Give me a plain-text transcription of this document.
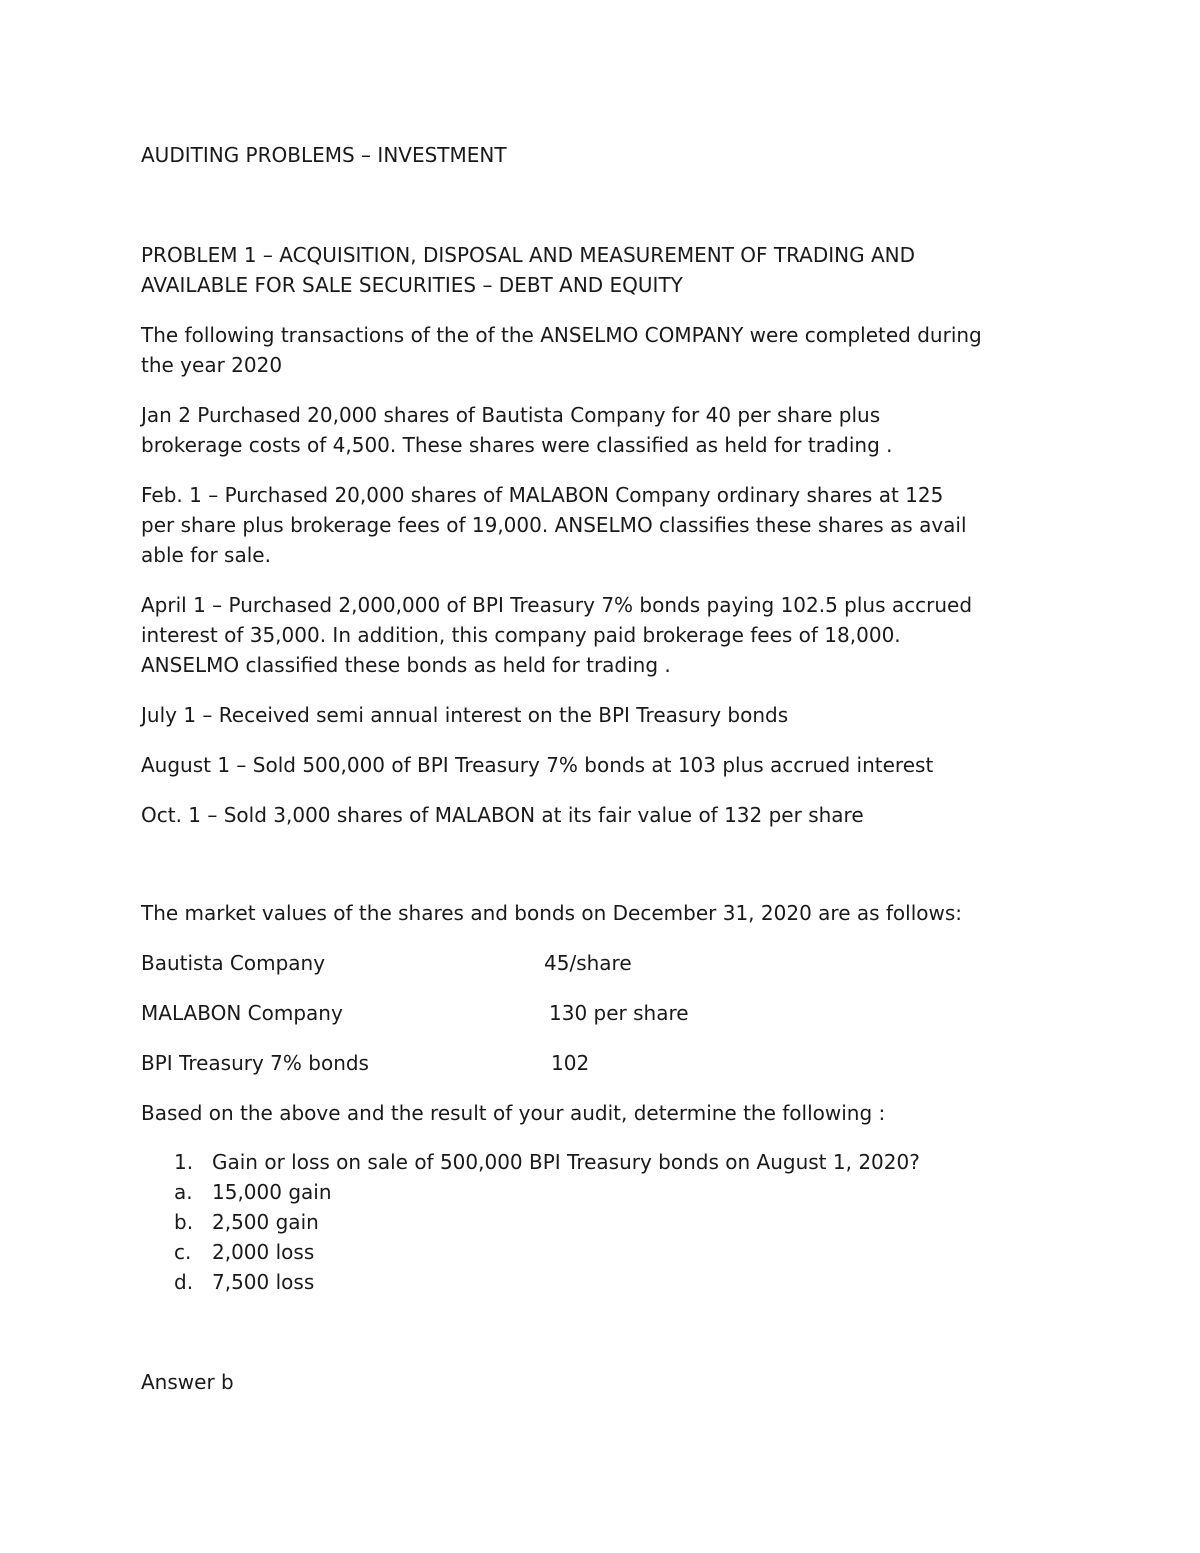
AUDITING PROBLEMS – INVESTMENT
PROBLEM 1 – ACQUISITION, DISPOSAL AND MEASUREMENT OF TRADING AND
AVAILABLE FOR SALE SECURITIES – DEBT AND EQUITY
The following transactions of the of the ANSELMO COMPANY were completed during
the year 2020
Jan 2 Purchased 20,000 shares of Bautista Company for 40 per share plus
brokerage costs of 4,500. These shares were classified as held for trading .
Feb. 1 – Purchased 20,000 shares of MALABON Company ordinary shares at 125
per share plus brokerage fees of 19,000. ANSELMO classifies these shares as avail
able for sale.
April 1 – Purchased 2,000,000 of BPI Treasury 7% bonds paying 102.5 plus accrued
interest of 35,000. In addition, this company paid brokerage fees of 18,000.
ANSELMO classified these bonds as held for trading .
July 1 – Received semi annual interest on the BPI Treasury bonds
August 1 – Sold 500,000 of BPI Treasury 7% bonds at 103 plus accrued interest
Oct. 1 – Sold 3,000 shares of MALABON at its fair value of 132 per share
The market values of the shares and bonds on December 31, 2020 are as follows:
Bautista Company	45/share
MALABON Company	130 per share
BPI Treasury 7% bonds	102
Based on the above and the result of your audit, determine the following :
1. Gain or loss on sale of 500,000 BPI Treasury bonds on August 1, 2020?
a. 15,000 gain
b. 2,500 gain
c. 2,000 loss
d. 7,500 loss
Answer b
